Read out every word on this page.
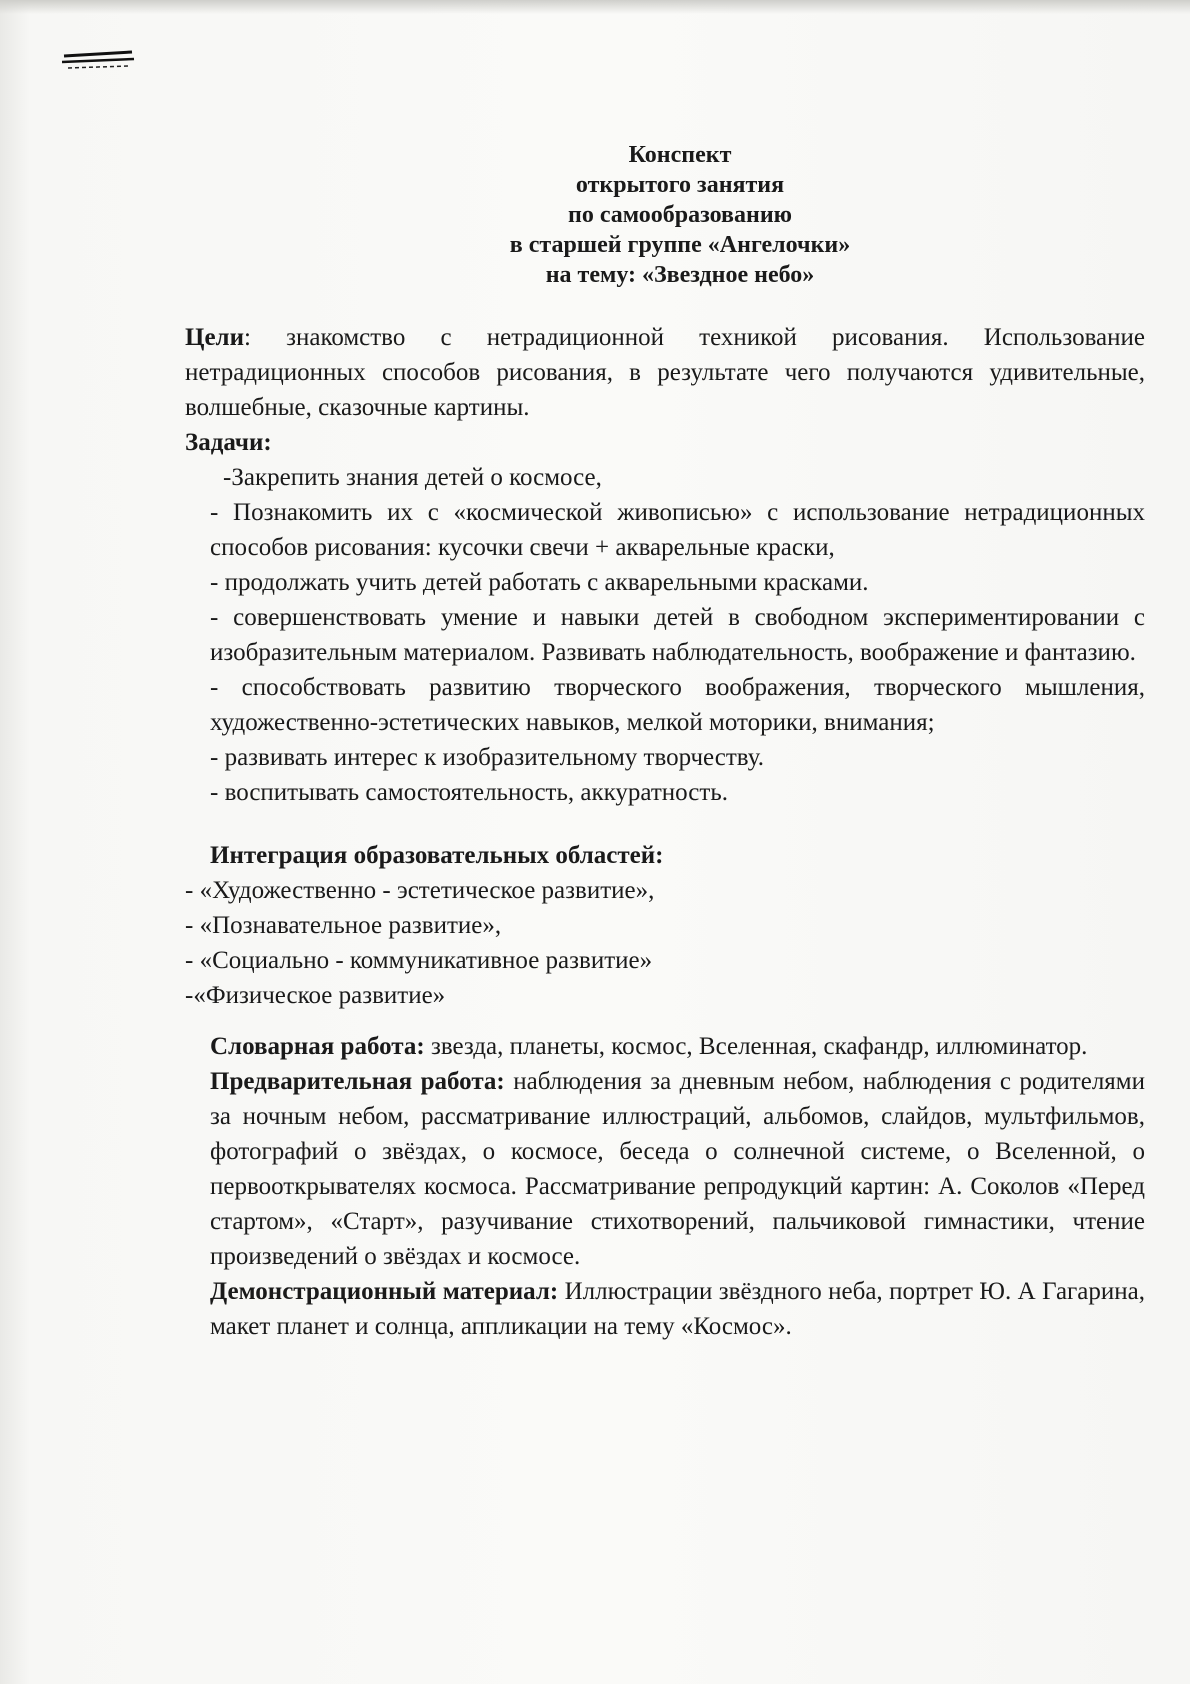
Конспект
открытого занятия
по самообразованию
в старшей группе «Ангелочки»
на тему: «Звездное небо»

Цели: знакомство с нетрадиционной техникой рисования. Использование нетрадиционных способов рисования, в результате чего получаются удивительные, волшебные, сказочные картины.

Задачи:

-Закрепить знания детей о космосе,

- Познакомить их с «космической живописью» с использование нетрадиционных способов рисования: кусочки свечи + акварельные краски,

- продолжать учить детей работать с акварельными красками.

- совершенствовать умение и навыки детей в свободном экспериментировании с изобразительным материалом. Развивать наблюдательность, воображение и фантазию.

- способствовать развитию творческого воображения, творческого мышления, художественно-эстетических навыков, мелкой моторики, внимания;

- развивать интерес к изобразительному творчеству.

- воспитывать самостоятельность, аккуратность.

Интеграция образовательных областей:

- «Художественно - эстетическое развитие»,

- «Познавательное развитие»,

- «Социально - коммуникативное развитие»

-«Физическое развитие»

Словарная работа: звезда, планеты, космос, Вселенная, скафандр, иллюминатор.

Предварительная работа: наблюдения за дневным небом, наблюдения с родителями за ночным небом, рассматривание иллюстраций, альбомов, слайдов, мультфильмов, фотографий о звёздах, о космосе, беседа о солнечной системе, о Вселенной, о первооткрывателях космоса. Рассматривание репродукций картин: А. Соколов «Перед стартом», «Старт», разучивание стихотворений, пальчиковой гимнастики, чтение произведений о звёздах и космосе.

Демонстрационный материал: Иллюстрации звёздного неба, портрет Ю. А Гагарина, макет планет и солнца, аппликации на тему «Космос».
